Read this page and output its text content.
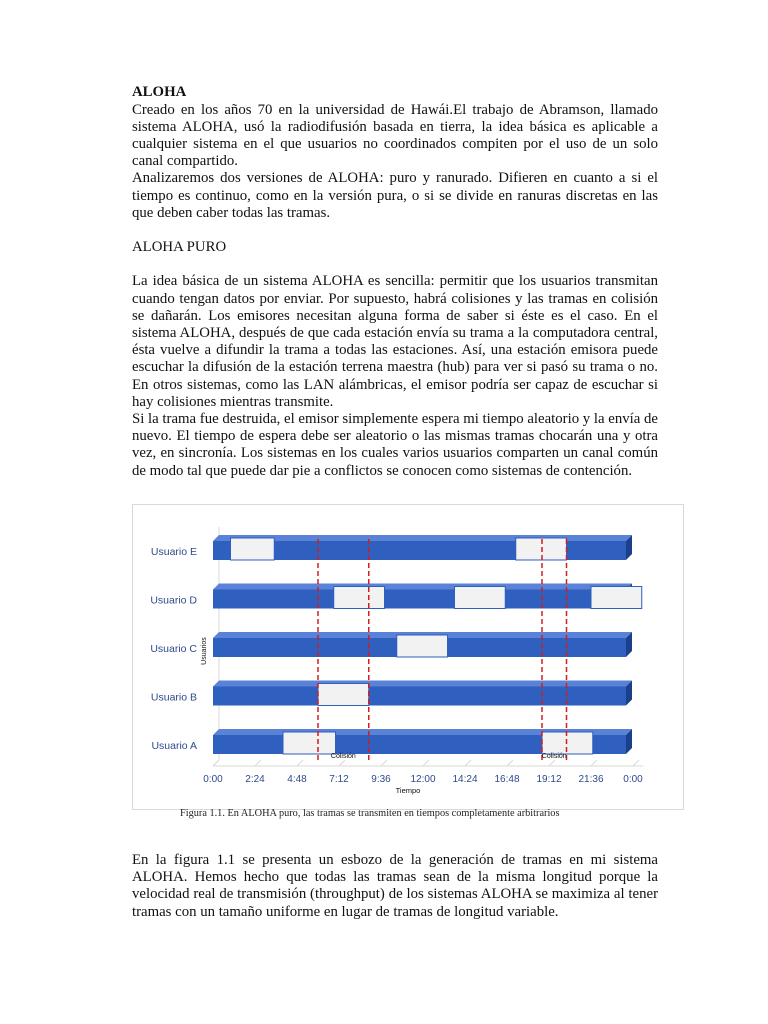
ALOHA

Creado en los años 70 en la universidad de Hawái.El trabajo de Abramson, llamado sistema ALOHA, usó la radiodifusión basada en tierra, la idea básica es aplicable a cualquier sistema en el que usuarios no coordinados compiten por el uso de un solo canal compartido.

Analizaremos dos versiones de ALOHA: puro y ranurado. Difieren en cuanto a si el tiempo es continuo, como en la versión pura, o si se divide en ranuras discretas en las que deben caber todas las tramas.

ALOHA PURO

La idea básica de un sistema ALOHA es sencilla: permitir que los usuarios transmitan cuando tengan datos por enviar. Por supuesto, habrá colisiones y las tramas en colisión se dañarán. Los emisores necesitan alguna forma de saber si éste es el caso. En el sistema ALOHA, después de que cada estación envía su trama a la computadora central, ésta vuelve a difundir la trama a todas las estaciones. Así, una estación emisora puede escuchar la difusión de la estación terrena maestra (hub) para ver si pasó su trama o no. En otros sistemas, como las LAN alámbricas, el emisor podría ser capaz de escuchar si hay colisiones mientras transmite.

Si la trama fue destruida, el emisor simplemente espera mi tiempo aleatorio y la envía de nuevo. El tiempo de espera debe ser aleatorio o las mismas tramas chocarán una y otra vez, en sincronía. Los sistemas en los cuales varios usuarios comparten un canal común de modo tal que puede dar pie a conflictos se conocen como sistemas de contención.

Usuario A
Usuario B
Usuario C
Usuario D
Usuario E
Colisión	Colisión
0:00 2:24 4:48 7:12 9:36 12:00 14:24 16:48 19:12 21:36 0:00
Tiempo
Usuarios
Figura 1.1. En ALOHA puro, las tramas se transmiten en tiempos completamente arbitrarios

En la figura 1.1 se presenta un esbozo de la generación de tramas en mi sistema ALOHA. Hemos hecho que todas las tramas sean de la misma longitud porque la velocidad real de transmisión (throughput) de los sistemas ALOHA se maximiza al tener tramas con un tamaño uniforme en lugar de tramas de longitud variable.
